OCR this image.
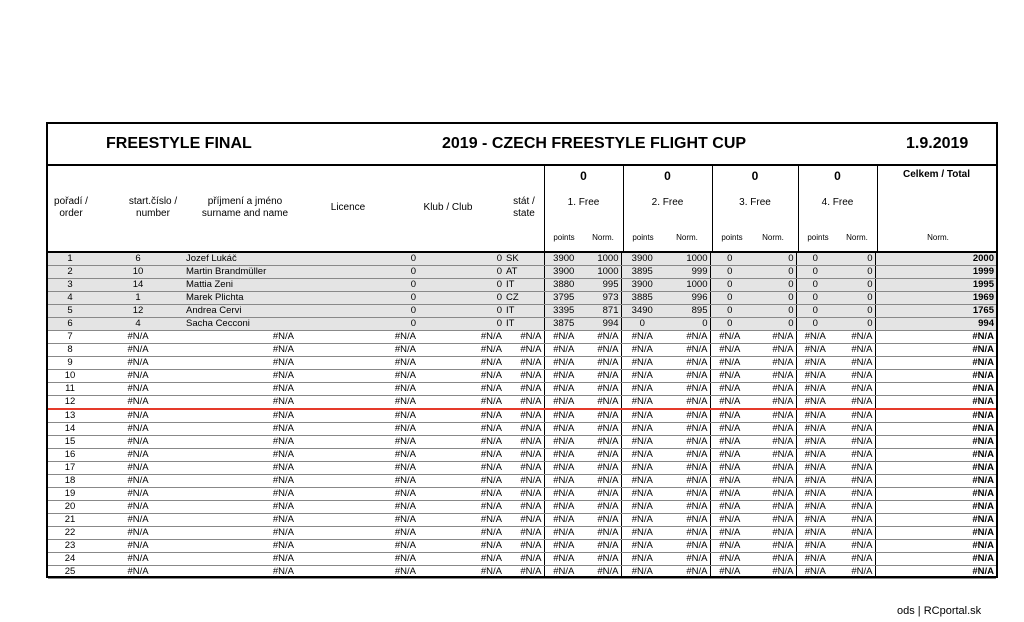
FREESTYLE FINAL	2019 - CZECH FREESTYLE FLIGHT CUP	1.9.2019
pořadí /
order
start.číslo /
number
příjmení a jméno
surname and name
Licence	Klub / Club
stát /
state
0	0	0	0	Celkem / Total
1. Free	2. Free	3. Free	4. Free
points	Norm.	points	Norm.	points	Norm.	points	Norm.	Norm.
1	6	Jozef Lukáč		0	0	SK	3900	1000	3900	1000	0	0	0	0	2000
2	10	Martin Brandmüller		0	0	AT	3900	1000	3895	999	0	0	0	0	1999
3	14	Mattia Zeni		0	0	IT	3880	995	3900	1000	0	0	0	0	1995
4	1	Marek Plichta		0	0	CZ	3795	973	3885	996	0	0	0	0	1969
5	12	Andrea Cervi		0	0	IT	3395	871	3490	895	0	0	0	0	1765
6	4	Sacha Cecconi		0	0	IT	3875	994	0	0	0	0	0	0	994
7	#N/A	#N/A		#N/A	#N/A	#N/A	#N/A	#N/A	#N/A	#N/A	#N/A	#N/A	#N/A	#N/A	#N/A
8	#N/A	#N/A		#N/A	#N/A	#N/A	#N/A	#N/A	#N/A	#N/A	#N/A	#N/A	#N/A	#N/A	#N/A
9	#N/A	#N/A		#N/A	#N/A	#N/A	#N/A	#N/A	#N/A	#N/A	#N/A	#N/A	#N/A	#N/A	#N/A
10	#N/A	#N/A		#N/A	#N/A	#N/A	#N/A	#N/A	#N/A	#N/A	#N/A	#N/A	#N/A	#N/A	#N/A
11	#N/A	#N/A		#N/A	#N/A	#N/A	#N/A	#N/A	#N/A	#N/A	#N/A	#N/A	#N/A	#N/A	#N/A
12	#N/A	#N/A		#N/A	#N/A	#N/A	#N/A	#N/A	#N/A	#N/A	#N/A	#N/A	#N/A	#N/A	#N/A
13	#N/A	#N/A		#N/A	#N/A	#N/A	#N/A	#N/A	#N/A	#N/A	#N/A	#N/A	#N/A	#N/A	#N/A
14	#N/A	#N/A		#N/A	#N/A	#N/A	#N/A	#N/A	#N/A	#N/A	#N/A	#N/A	#N/A	#N/A	#N/A
15	#N/A	#N/A		#N/A	#N/A	#N/A	#N/A	#N/A	#N/A	#N/A	#N/A	#N/A	#N/A	#N/A	#N/A
16	#N/A	#N/A		#N/A	#N/A	#N/A	#N/A	#N/A	#N/A	#N/A	#N/A	#N/A	#N/A	#N/A	#N/A
17	#N/A	#N/A		#N/A	#N/A	#N/A	#N/A	#N/A	#N/A	#N/A	#N/A	#N/A	#N/A	#N/A	#N/A
18	#N/A	#N/A		#N/A	#N/A	#N/A	#N/A	#N/A	#N/A	#N/A	#N/A	#N/A	#N/A	#N/A	#N/A
19	#N/A	#N/A		#N/A	#N/A	#N/A	#N/A	#N/A	#N/A	#N/A	#N/A	#N/A	#N/A	#N/A	#N/A
20	#N/A	#N/A		#N/A	#N/A	#N/A	#N/A	#N/A	#N/A	#N/A	#N/A	#N/A	#N/A	#N/A	#N/A
21	#N/A	#N/A		#N/A	#N/A	#N/A	#N/A	#N/A	#N/A	#N/A	#N/A	#N/A	#N/A	#N/A	#N/A
22	#N/A	#N/A		#N/A	#N/A	#N/A	#N/A	#N/A	#N/A	#N/A	#N/A	#N/A	#N/A	#N/A	#N/A
23	#N/A	#N/A		#N/A	#N/A	#N/A	#N/A	#N/A	#N/A	#N/A	#N/A	#N/A	#N/A	#N/A	#N/A
24	#N/A	#N/A		#N/A	#N/A	#N/A	#N/A	#N/A	#N/A	#N/A	#N/A	#N/A	#N/A	#N/A	#N/A
25	#N/A	#N/A		#N/A	#N/A	#N/A	#N/A	#N/A	#N/A	#N/A	#N/A	#N/A	#N/A	#N/A	#N/A
ods | RCportal.sk
